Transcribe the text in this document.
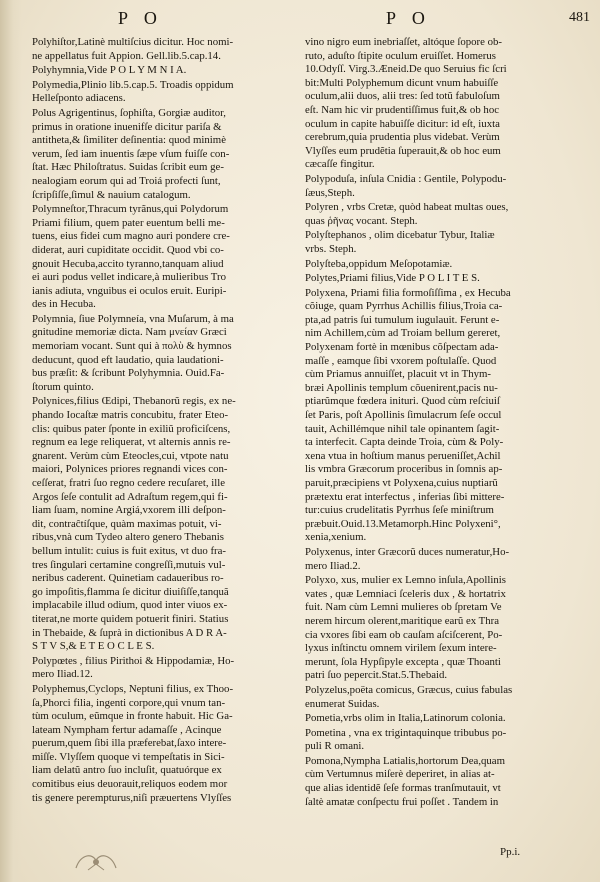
P O	P O	481
Polyhiſtor,Latinè multiſcius dicitur. Hoc nomi-
ne appellatus fuit Appion. Gell.lib.5.cap.14.
Polyhymnia,Vide P O L Y M N I A.
Polymedia,Plinio lib.5.cap.5. Troadis oppidum
Helleſponto adiacens.
Polus Agrigentinus, ſophiſta, Gorgiæ auditor,
primus in oratione inuenifſe dicitur pariſa &
antitheta,& ſimiliter deſinentia: quod minimè
verum, ſed iam inuentis ſæpe vſum fuiſſe con-
ſtat. Hæc Philoſtratus. Suidas ſcribit eum ge-
nealogiam eorum qui ad Troiá profecti ſunt,
ſcripſiſſe,ſimul & nauium catalogum.
Polymneſtor,Thracum tyrãnus,qui Polydorum
Priami filium, quem pater euentum belli me-
tuens, eius fidei cum magno auri pondere cre-
diderat, auri cupiditate occidit. Quod vbi co-
gnouit Hecuba,accito tyranno,tanquam aliud
ei auri podus vellet indicare,à mulieribus Tro
ianis adiuta, vnguibus ei oculos eruit. Euripi-
des in Hecuba.
Polymnia, ſiue Polymneía, vna Muſarum, à ma
gnitudine memoriæ dicta. Nam μνείαν Græci
memoriam vocant. Sunt qui à πολὺ & hymnos
deducunt, quod eft laudatio, quia laudationi-
bus præſit: & ſcribunt Polyhymnia. Ouid.Fa-
ſtorum quinto.
Polynices,filius Œdipi, Thebanorũ regis, ex ne-
phando Iocaſtæ matris concubitu, frater Eteo-
clis: quibus pater ſponte in exiliũ proficiſcens,
regnum ea lege reliquerat, vt alternis annis re-
gnarent. Verùm cùm Eteocles,cui, vtpote natu
maiori, Polynices priores regnandi vices con-
ceſſerat, fratri ſuo regno cedere recuſaret, ille
Argos ſeſe contulit ad Adraſtum regem,qui fi-
liam ſuam, nomine Argiá,vxorem illi deſpon-
dit, contraĉtíſque, quàm maximas potuit, vi-
ribus,vnà cum Tydeo altero genero Thebanis
bellum intulit: cuius is fuit exitus, vt duo fra-
tres ſingulari certamine congreſſi,mutuis vul-
neribus caderent. Quinetiam cadaueribus ro-
go impoſitis,flamma ſe dicitur diuiſiſſe,tanquã
implacabile illud odium, quod inter viuos ex-
titerat,ne morte quidem potuerit finiri. Statius
in Thebaide, & ſuprà in dictionibus A D R A-
S T V S,& E T E O C L E S.
Polypœtes , filius Pirithoi & Hippodamiæ, Ho-
mero Iliad.12.
Polyphemus,Cyclops, Neptuni filius, ex Thoo-
ſa,Phorci filia, ingenti corpore,qui vnum tan-
tùm oculum, eũmque in fronte habuit. Hic Ga-
lateam Nympham fertur adamaſſe , Acinque
puerum,quem ſibi illa præferebat,ſaxo intere-
miſſe. Vlyſſem quoque vi tempeſtatis in Sici-
liam delatũ antro ſuo incluſit, quatuórque ex
comitibus eius deuorauit,reliquos eodem mor
tis genere perempturus,niſi præuertens Vlyſſes
vino nigro eum inebriaſſet, altóque ſopore ob-
ruto, aduſto ſtipite oculum eruiſſet. Homerus
10.Odyſſ. Virg.3.Æneid.De quo Seruius fic ſcri
bit:Multi Polyphemum dicunt vnum habuiſſe
oculum,alii duos, alii tres: ſed totũ fabuloſum
eſt. Nam hic vir prudentiſſimus fuit,& ob hoc
oculum in capite habuiſſe dicitur: id eſt, iuxta
cerebrum,quia prudentia plus videbat. Verùm
Vlyſſes eum prudẽtia ſuperauit,& ob hoc eum
cæcaſſe fingitur.
Polypoduſa, inſula Cnidia : Gentile, Polypodu-
ſæus,Steph.
Polyren , vrbs Cretæ, quòd habeat multas oues,
quas ῥῆνας vocant. Steph.
Polyſtephanos , olim dicebatur Tybur, Italiæ
vrbs. Steph.
Polyſteba,oppidum Meſopotamiæ.
Polytes,Priami filius,Vide P O L I T E S.
Polyxena, Priami filia formoſiſſima , ex Hecuba
cõiuge, quam Pyrrhus Achillis filius,Troia ca-
pta,ad patris ſui tumulum iugulauit. Ferunt e-
nim Achillem,cùm ad Troiam bellum gereret,
Polyxenam fortè in mœnibus cõſpectam ada-
maſſe , eamque ſibi vxorem poſtulaſſe. Quod
cùm Priamus annuiſſet, placuit vt in Thym-
bræi Apollinis templum cõuenirent,pacis nu-
ptiarũmque fœdera inituri. Quod cùm reſciuiſ
ſet Paris, poſt Apollinis ſimulacrum ſeſe occul
tauit, Achillémque nihil tale opinantem ſagit-
ta interfecit. Capta deinde Troia, cùm & Poly-
xena vtua in hoſtium manus perueniſſet,Achil
lis vmbra Græcorum proceribus in ſomnis ap-
paruit,præcipiens vt Polyxena,cuius nuptiarũ
prætextu erat interfectus , inferias ſibi mittere-
tur:cuius crudelitatis Pyrrhus ſeſe miniſtrum
præbuit.Ouid.13.Metamorph.Hinc Polyxeni°,
xenia,xenium.
Polyxenus, inter Græcorũ duces numeratur,Ho-
mero Iliad.2.
Polyxo, xus, mulier ex Lemno inſula,Apollinis
vates , quæ Lemniaci ſceleris dux , & hortatrix
fuit. Nam cùm Lemni mulieres ob ſpretam Ve
nerem hircum olerent,maritique earũ ex Thra
cia vxores ſibi eam ob cauſam aſciſcerent, Po-
lyxus inſtinctu omnem virilem ſexum intere-
merunt, ſola Hypſipyle excepta , quæ Thoanti
patri ſuo pepercit.Stat.5.Thebaid.
Polyzelus,poëta comicus, Græcus, cuius fabulas
enumerat Suidas.
Pometia,vrbs olim in Italia,Latinorum colonia.
Pometina , vna ex trigintaquinque tribubus po-
puli R omani.
Pomona,Nympha Latialis,hortorum Dea,quam
cùm Vertumnus miſerè deperiret, in alias at-
que alias identidẽ ſeſe formas tranſmutauit, vt
ſaltè amatæ conſpectu frui poſſet . Tandem in
Pp.i.
